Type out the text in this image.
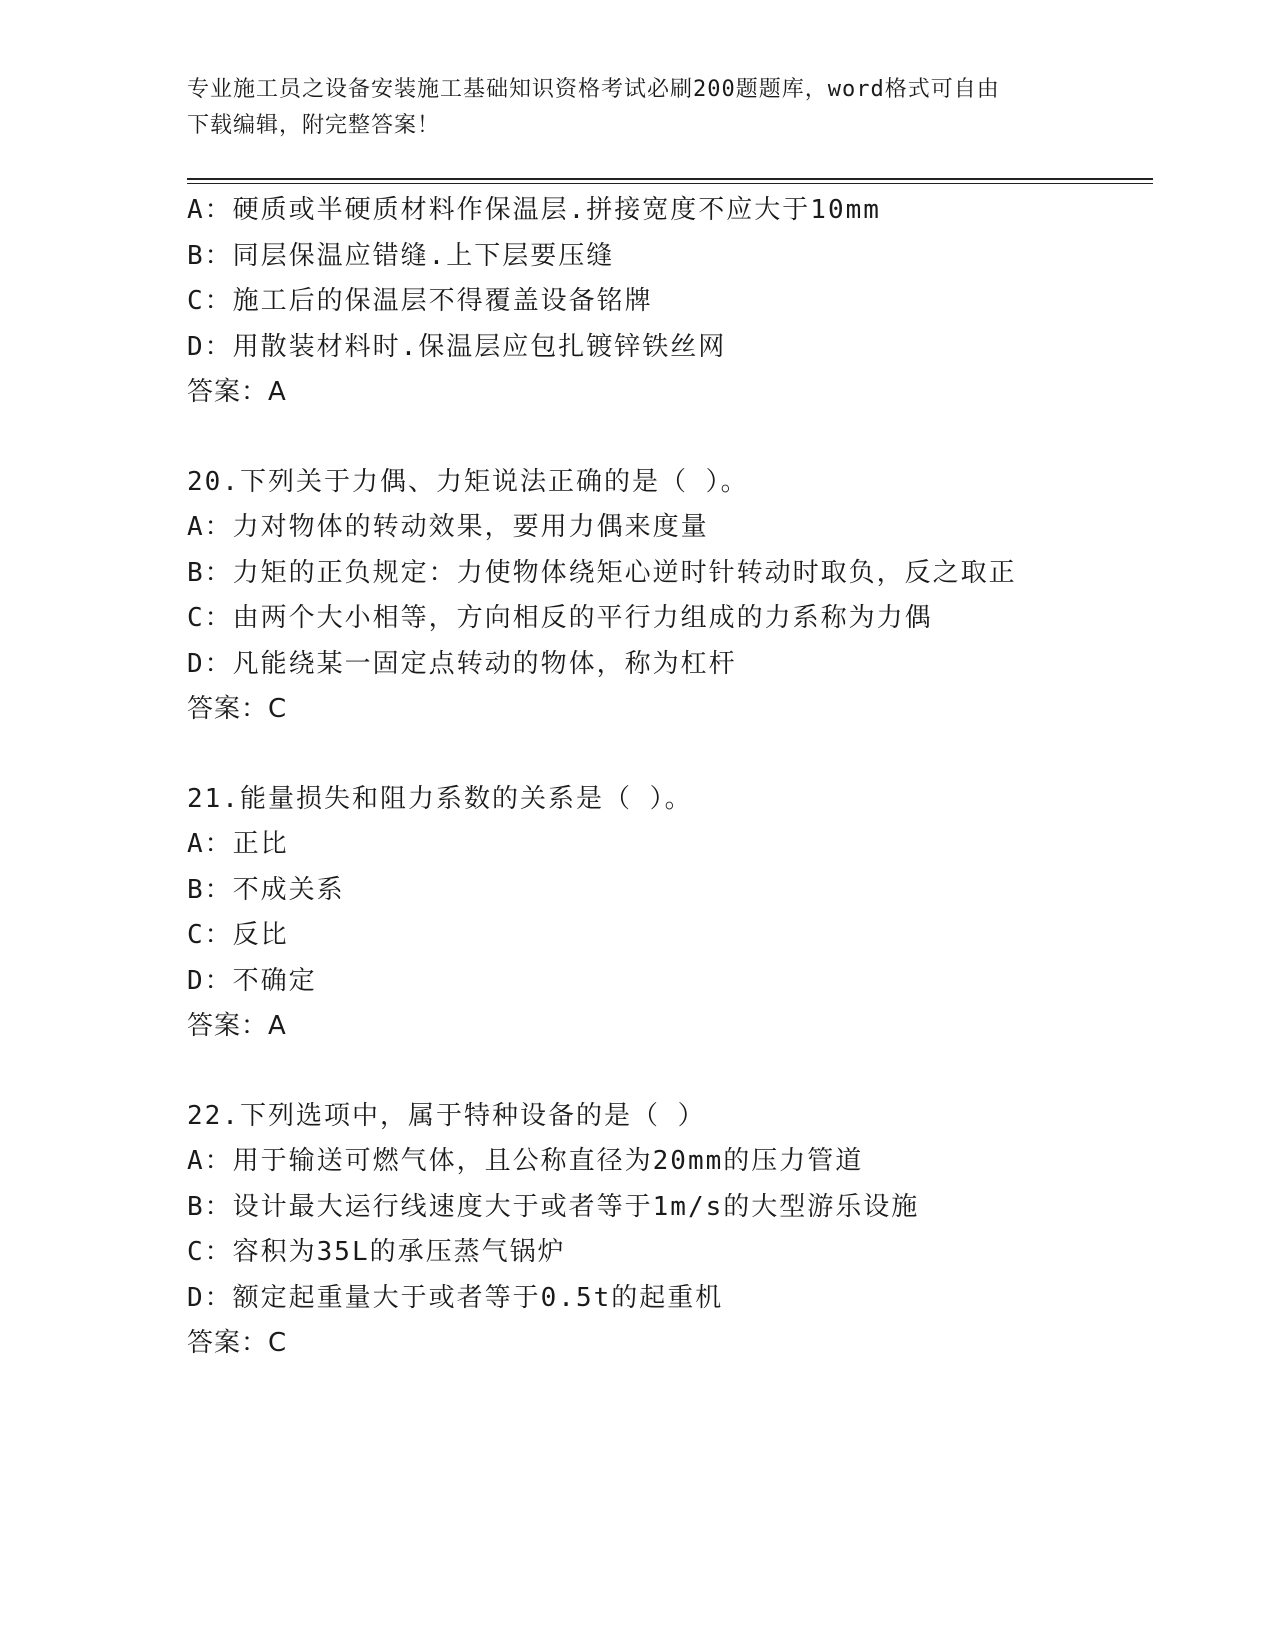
专业施工员之设备安装施工基础知识资格考试必刷200题题库，word格式可自由
下载编辑，附完整答案！
A：硬质或半硬质材料作保温层.拼接宽度不应大于10mm
B：同层保温应错缝.上下层要压缝
C：施工后的保温层不得覆盖设备铭牌
D：用散装材料时.保温层应包扎镀锌铁丝网
答案：A
20.下列关于力偶、力矩说法正确的是（ ）。
A：力对物体的转动效果，要用力偶来度量
B：力矩的正负规定：力使物体绕矩心逆时针转动时取负，反之取正
C：由两个大小相等，方向相反的平行力组成的力系称为力偶
D：凡能绕某一固定点转动的物体，称为杠杆
答案：C
21.能量损失和阻力系数的关系是（ ）。
A：正比
B：不成关系
C：反比
D：不确定
答案：A
22.下列选项中，属于特种设备的是（ ）
A：用于输送可燃气体，且公称直径为20mm的压力管道
B：设计最大运行线速度大于或者等于1m/s的大型游乐设施
C：容积为35L的承压蒸气锅炉
D：额定起重量大于或者等于0.5t的起重机
答案：C
